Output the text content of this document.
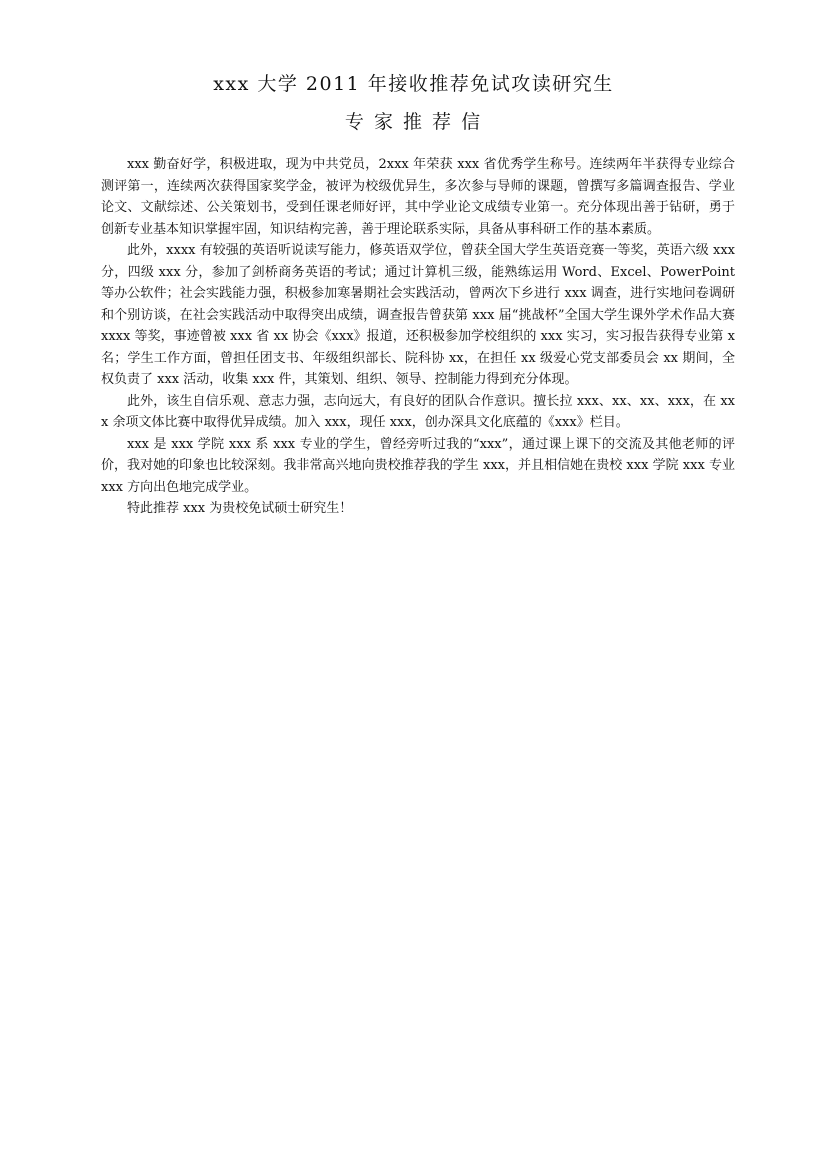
xxx 大学 2011 年接收推荐免试攻读研究生
专 家 推 荐 信

xxx 勤奋好学，积极进取，现为中共党员，2xxx 年荣获 xxx 省优秀学生称号。连续两年半获得专业综合测评第一，连续两次获得国家奖学金，被评为校级优异生，多次参与导师的课题，曾撰写多篇调查报告、学业论文、文献综述、公关策划书，受到任课老师好评，其中学业论文成绩专业第一。充分体现出善于钻研，勇于创新专业基本知识掌握牢固，知识结构完善，善于理论联系实际，具备从事科研工作的基本素质。

此外，xxxx 有较强的英语听说读写能力，修英语双学位，曾获全国大学生英语竞赛一等奖，英语六级 xxx 分，四级 xxx 分，参加了剑桥商务英语的考试；通过计算机三级，能熟练运用 Word、Excel、PowerPoint 等办公软件；社会实践能力强，积极参加寒暑期社会实践活动，曾两次下乡进行 xxx 调查，进行实地问卷调研和个别访谈，在社会实践活动中取得突出成绩，调查报告曾获第 xxx 届“挑战杯”全国大学生课外学术作品大赛 xxxx 等奖，事迹曾被 xxx 省 xx 协会《xxx》报道，还积极参加学校组织的 xxx 实习，实习报告获得专业第 x 名；学生工作方面，曾担任团支书、年级组织部长、院科协 xx，在担任 xx 级爱心党支部委员会 xx 期间，全权负责了 xxx 活动，收集 xxx 件，其策划、组织、领导、控制能力得到充分体现。

此外，该生自信乐观、意志力强，志向远大，有良好的团队合作意识。擅长拉 xxx、xx、xx、xxx，在 xxx 余项文体比赛中取得优异成绩。加入 xxx，现任 xxx，创办深具文化底蕴的《xxx》栏目。

xxx 是 xxx 学院 xxx 系 xxx 专业的学生，曾经旁听过我的“xxx”，通过课上课下的交流及其他老师的评价，我对她的印象也比较深刻。我非常高兴地向贵校推荐我的学生 xxx，并且相信她在贵校 xxx 学院 xxx 专业 xxx 方向出色地完成学业。

特此推荐 xxx 为贵校免试硕士研究生！
